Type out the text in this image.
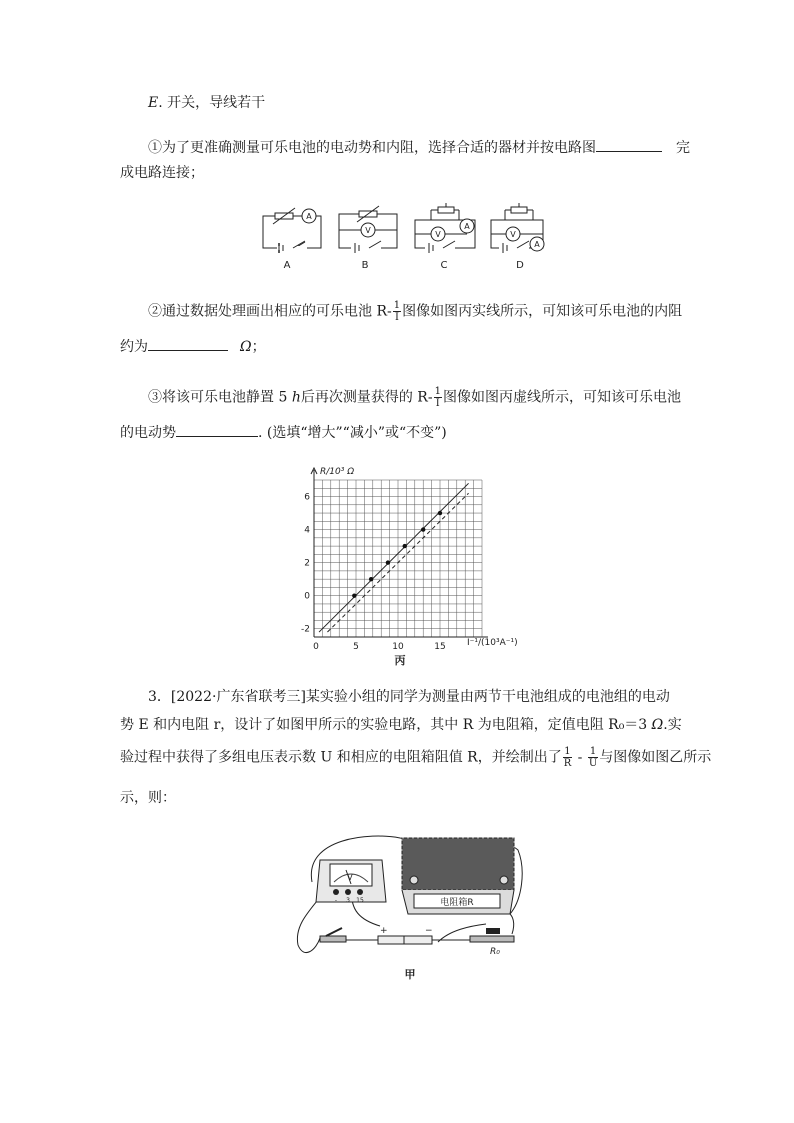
E. 开关，导线若干
①为了更准确测量可乐电池的电动势和内阻，选择合适的器材并按电路图	完
成电路连接；
A
V	V
A
V
A
A	B	C	D
②通过数据处理画出相应的可乐电池 $R- \frac{1}{I}$ 图像如图丙实线所示，可知该可乐电池的内阻
约为	Ω；
③将该可乐电池静置 5 h后再次测量获得的 $R- \frac{1}{I}$ 图像如图丙虚线所示，可知该可乐电池
的电动势	. (选填“增大”“减小”或“不变”)
0	5	10	15
6
4
2
0
-2
R/10³ Ω
I⁻¹/(10³A⁻¹)
丙
3．[2022·广东省联考三]某实验小组的同学为测量由两节干电池组成的电池组的电动
势 E 和内电阻 r，设计了如图甲所示的实验电路，其中 R 为电阻箱，定值电阻 R₀＝3 Ω.实
验过程中获得了多组电压表示数 U 和相应的电阻箱阻值 R，并绘制出了 $\frac{1}{R} - \frac{1}{U}$ 与图像如图乙所示
示，则：
V
- 3 15	电阻箱R
+	−
R₀
甲
